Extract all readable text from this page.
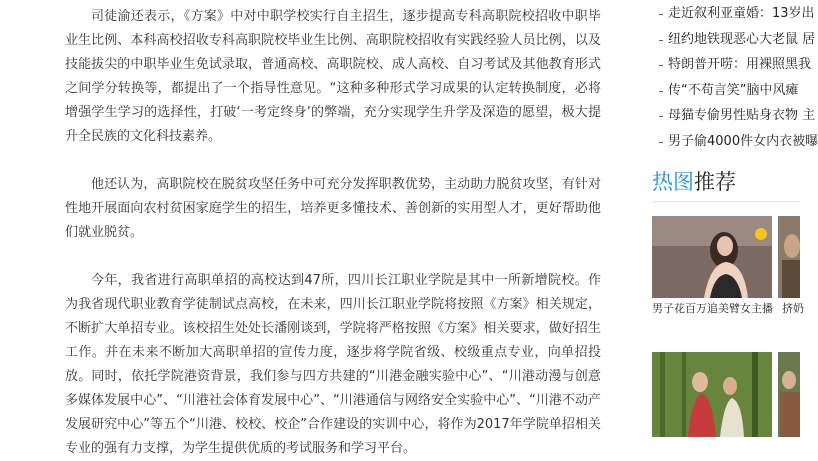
司徒渝还表示，《方案》中对中职学校实行自主招生，逐步提高专科高职院校招收中职毕业生比例、本科高校招收专科高职院校毕业生比例、高职院校招收有实践经验人员比例，以及技能拔尖的中职毕业生免试录取，普通高校、高职院校、成人高校、自习考试及其他教育形式之间学分转换等，都提出了一个指导性意见。“这种多种形式学习成果的认定转换制度，必将增强学生学习的选择性，打破‘一考定终身’的弊端，充分实现学生升学及深造的愿望，极大提升全民族的文化科技素养。

他还认为，高职院校在脱贫攻坚任务中可充分发挥职教优势，主动助力脱贫攻坚，有针对性地开展面向农村贫困家庭学生的招生，培养更多懂技术、善创新的实用型人才，更好帮助他们就业脱贫。

今年，我省进行高职单招的高校达到47所，四川长江职业学院是其中一所新增院校。作为我省现代职业教育学徒制试点高校，在未来，四川长江职业学院将按照《方案》相关规定，不断扩大单招专业。该校招生处处长潘刚谈到，学院将严格按照《方案》相关要求，做好招生工作。并在未来不断加大高职单招的宣传力度，逐步将学院省级、校级重点专业，向单招投放。同时，依托学院港资背景，我们参与四方共建的“川港金融实验中心”、“川港动漫与创意多媒体发展中心”、“川港社会体育发展中心”、“川港通信与网络安全实验中心”、“川港不动产发展研究中心”等五个“川港、校校、校企”合作建设的实训中心，将作为2017年学院单招相关专业的强有力支撑，为学生提供优质的考试服务和学习平台。

走近叙利亚童婚：13岁出
纽约地铁现恶心大老鼠 居
特朗普开唠：用裸照黑我
传“不苟言笑”脑中风瘫
母猫专偷男性贴身衣物 主
男子偷4000件女内衣被曝
热图推荐
男子花百万追美臂女主播 挤奶
